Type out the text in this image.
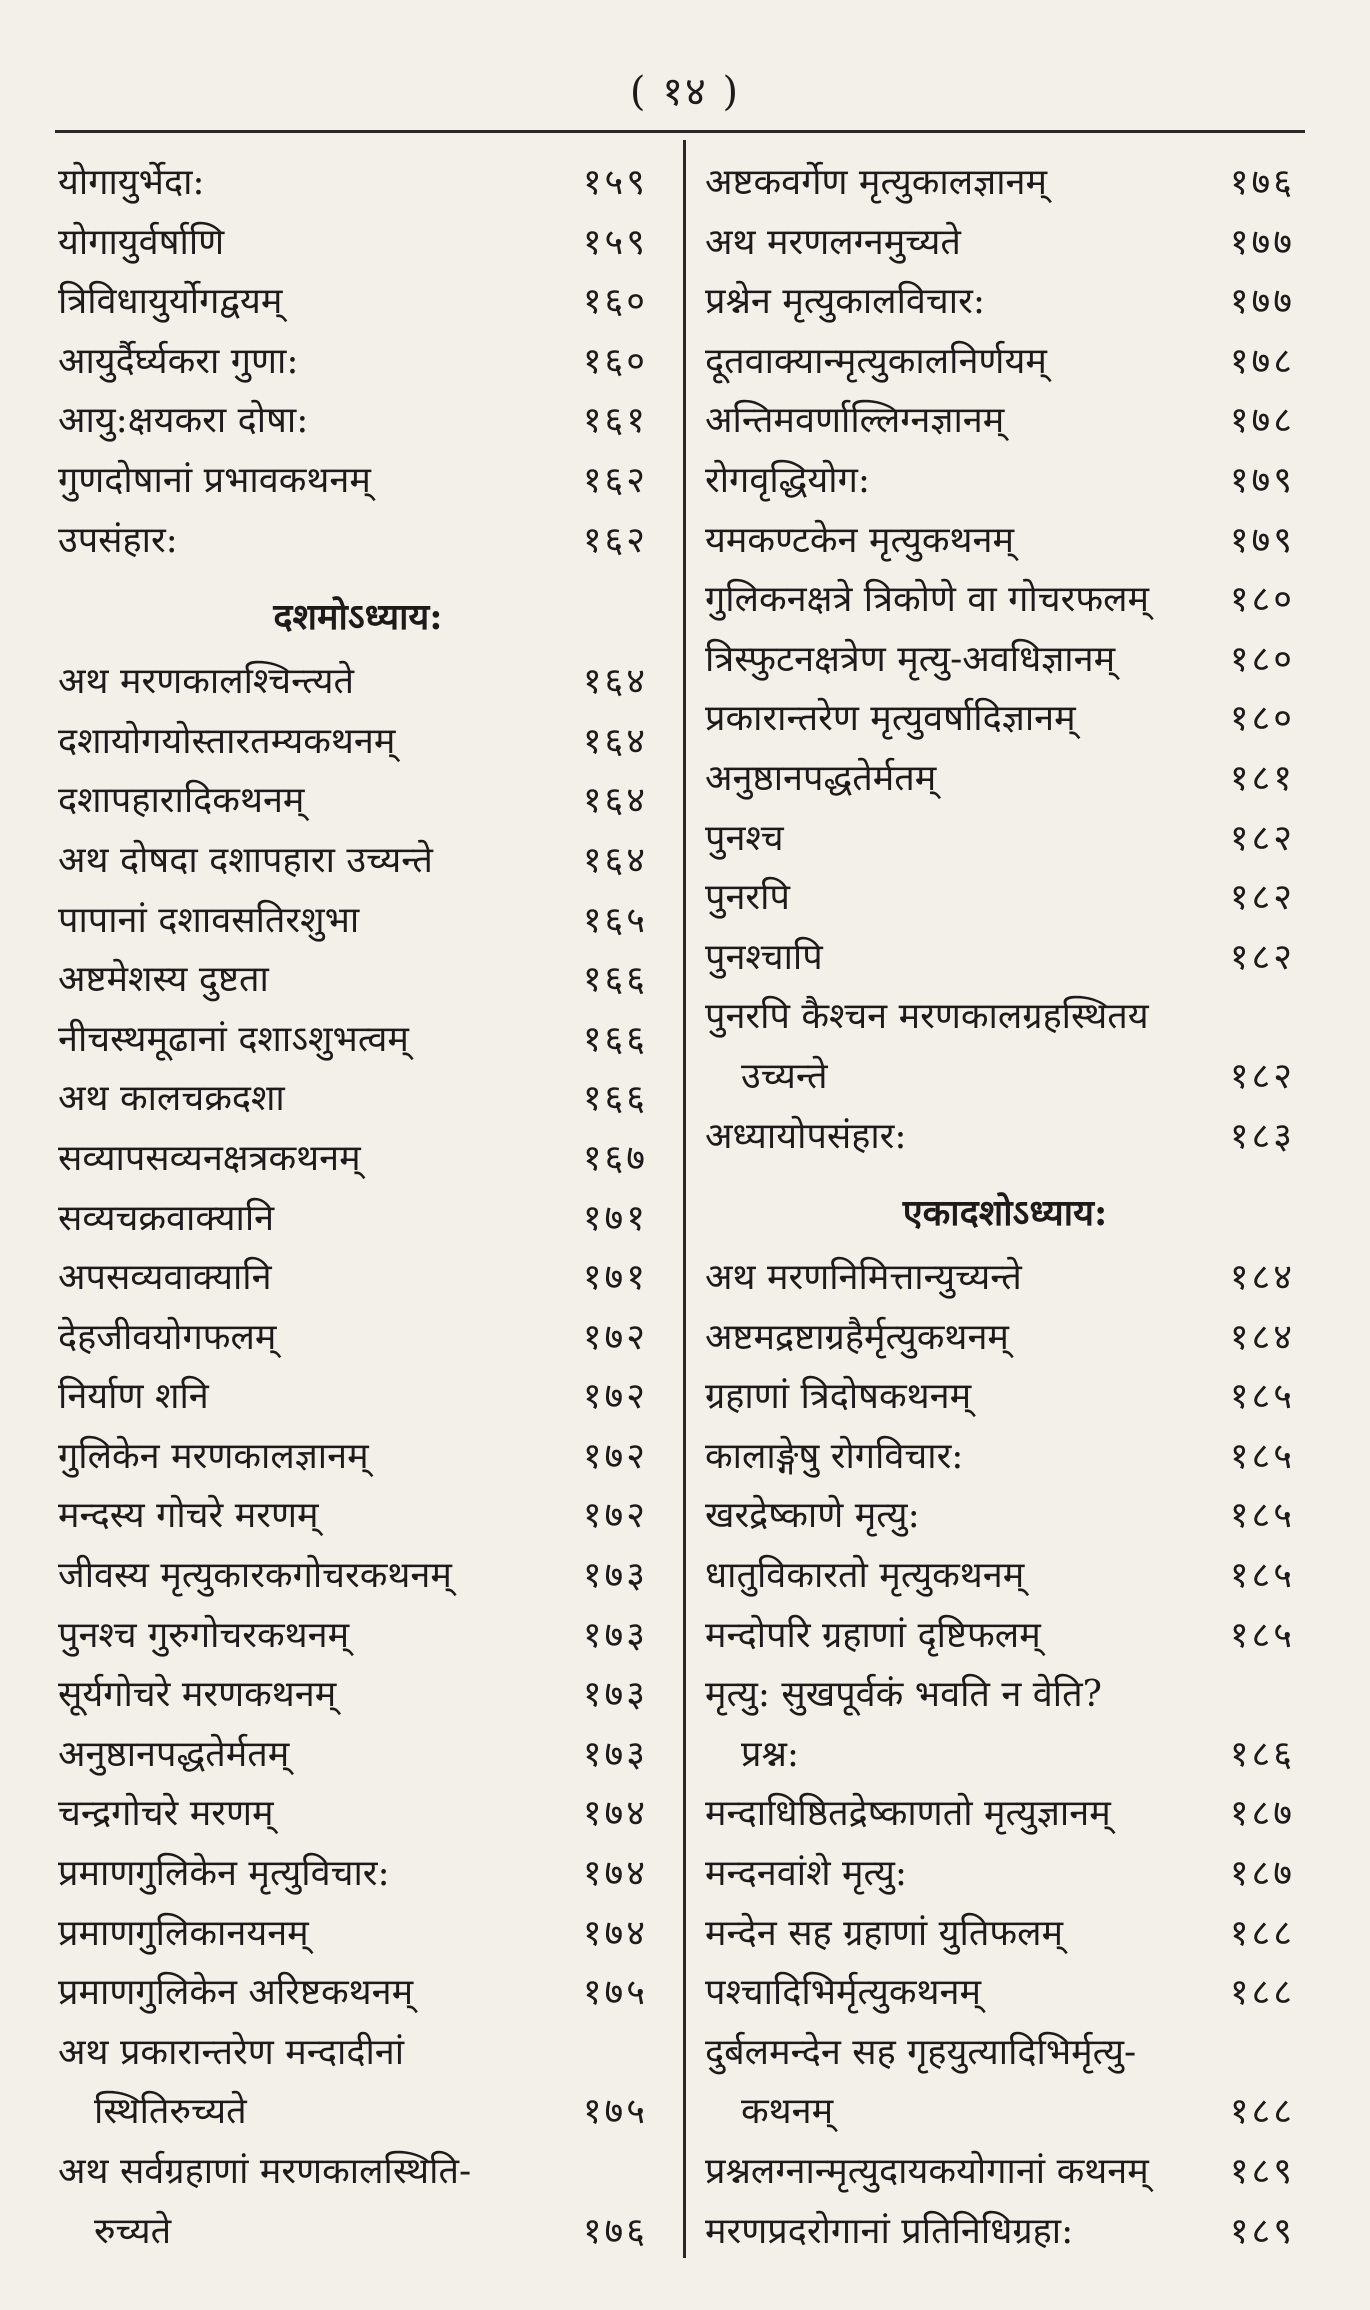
( १४ )
योगायुर्भेदा:	१५९
योगायुर्वर्षाणि	१५९
त्रिविधायुर्योगद्वयम्	१६०
आयुर्दैर्घ्यकरा गुणा:	१६०
आयु:क्षयकरा दोषा:	१६१
गुणदोषानां प्रभावकथनम्	१६२
उपसंहार:	१६२
दशमोऽध्याय:
अथ मरणकालश्चिन्त्यते	१६४
दशायोगयोस्तारतम्यकथनम्	१६४
दशापहारादिकथनम्	१६४
अथ दोषदा दशापहारा उच्यन्ते	१६४
पापानां दशावसतिरशुभा	१६५
अष्टमेशस्य दुष्टता	१६६
नीचस्थमूढानां दशाऽशुभत्वम्	१६६
अथ कालचक्रदशा	१६६
सव्यापसव्यनक्षत्रकथनम्	१६७
सव्यचक्रवाक्यानि	१७१
अपसव्यवाक्यानि	१७१
देहजीवयोगफलम्	१७२
निर्याण शनि	१७२
गुलिकेन मरणकालज्ञानम्	१७२
मन्दस्य गोचरे मरणम्	१७२
जीवस्य मृत्युकारकगोचरकथनम्	१७३
पुनश्च गुरुगोचरकथनम्	१७३
सूर्यगोचरे मरणकथनम्	१७३
अनुष्ठानपद्धतेर्मतम्	१७३
चन्द्रगोचरे मरणम्	१७४
प्रमाणगुलिकेन मृत्युविचार:	१७४
प्रमाणगुलिकानयनम्	१७४
प्रमाणगुलिकेन अरिष्टकथनम्	१७५
अथ प्रकारान्तरेण मन्दादीनां
स्थितिरुच्यते	१७५
अथ सर्वग्रहाणां मरणकालस्थिति-
रुच्यते	१७६
अष्टकवर्गेण मृत्युकालज्ञानम्	१७६
अथ मरणलग्नमुच्यते	१७७
प्रश्नेन मृत्युकालविचार:	१७७
दूतवाक्यान्मृत्युकालनिर्णयम्	१७८
अन्तिमवर्णाल्लिग्नज्ञानम्	१७८
रोगवृद्धियोग:	१७९
यमकण्टकेन मृत्युकथनम्	१७९
गुलिकनक्षत्रे त्रिकोणे वा गोचरफलम् १८०
त्रिस्फुटनक्षत्रेण मृत्यु-अवधिज्ञानम्	१८०
प्रकारान्तरेण मृत्युवर्षादिज्ञानम्	१८०
अनुष्ठानपद्धतेर्मतम्	१८१
पुनश्च	१८२
पुनरपि	१८२
पुनश्चापि	१८२
पुनरपि कैश्चन मरणकालग्रहस्थितय
उच्यन्ते	१८२
अध्यायोपसंहार:	१८३
एकादशोऽध्याय:
अथ मरणनिमित्तान्युच्यन्ते	१८४
अष्टमद्रष्टाग्रहैर्मृत्युकथनम्	१८४
ग्रहाणां त्रिदोषकथनम्	१८५
कालाङ्गेषु रोगविचार:	१८५
खरद्रेष्काणे मृत्यु:	१८५
धातुविकारतो मृत्युकथनम्	१८५
मन्दोपरि ग्रहाणां दृष्टिफलम्	१८५
मृत्यु: सुखपूर्वकं भवति न वेति?
प्रश्न:	१८६
मन्दाधिष्ठितद्रेष्काणतो मृत्युज्ञानम्	१८७
मन्दनवांशे मृत्यु:	१८७
मन्देन सह ग्रहाणां युतिफलम्	१८८
पश्चादिभिर्मृत्युकथनम्	१८८
दुर्बलमन्देन सह गृहयुत्यादिभिर्मृत्यु-
कथनम्	१८८
प्रश्नलग्नान्मृत्युदायकयोगानां कथनम् १८९
मरणप्रदरोगानां प्रतिनिधिग्रहा:	१८९
